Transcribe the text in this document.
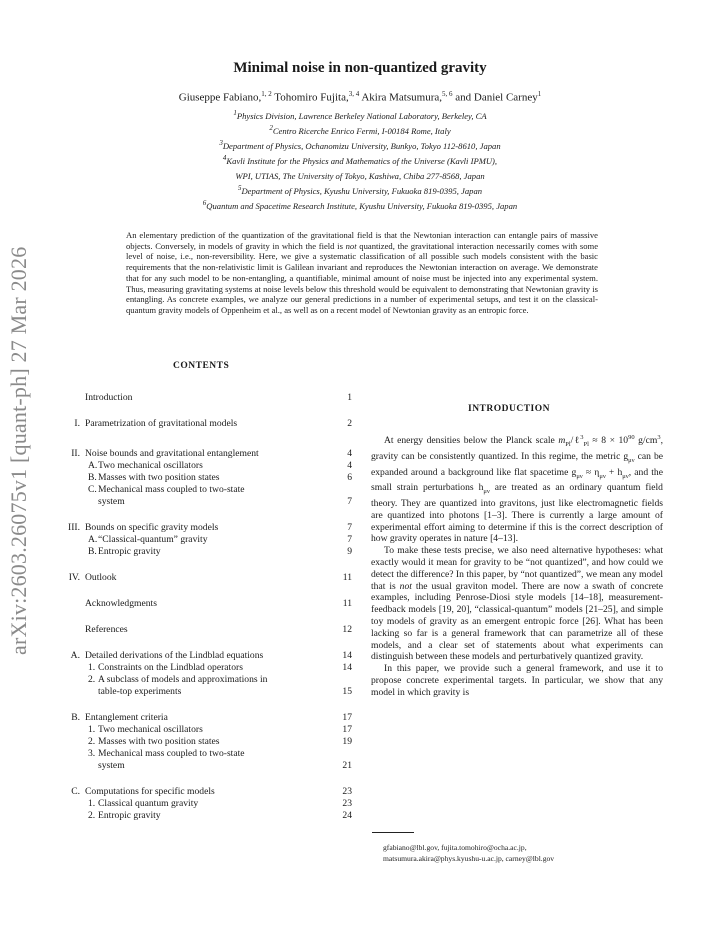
arXiv:2603.26075v1 [quant-ph] 27 Mar 2026
Minimal noise in non-quantized gravity
Giuseppe Fabiano,$^{1, 2}$ Tohomiro Fujita,$^{3, 4}$ Akira Matsumura,$^{5, 6}$ and Daniel Carney$^1$
$^1$Physics Division, Lawrence Berkeley National Laboratory, Berkeley, CA
$^2$Centro Ricerche Enrico Fermi, I-00184 Rome, Italy
$^3$Department of Physics, Ochanomizu University, Bunkyo, Tokyo 112-8610, Japan
$^4$Kavli Institute for the Physics and Mathematics of the Universe (Kavli IPMU),
WPI, UTIAS, The University of Tokyo, Kashiwa, Chiba 277-8568, Japan
$^5$Department of Physics, Kyushu University, Fukuoka 819-0395, Japan
$^6$Quantum and Spacetime Research Institute, Kyushu University, Fukuoka 819-0395, Japan
An elementary prediction of the quantization of the gravitational field is that the Newtonian interaction can entangle pairs of massive objects. Conversely, in models of gravity in which the field is not quantized, the gravitational interaction necessarily comes with some level of noise, i.e., non-reversibility. Here, we give a systematic classification of all possible such models consistent with the basic requirements that the non-relativistic limit is Galilean invariant and reproduces the Newtonian interaction on average. We demonstrate that for any such model to be non-entangling, a quantifiable, minimal amount of noise must be injected into any experimental system. Thus, measuring gravitating systems at noise levels below this threshold would be equivalent to demonstrating that Newtonian gravity is entangling. As concrete examples, we analyze our general predictions in a number of experimental setups, and test it on the classical-quantum gravity models of Oppenheim et al., as well as on a recent model of Newtonian gravity as an entropic force.
CONTENTS
Introduction	1
I. Parametrization of gravitational models	2
II. Noise bounds and gravitational entanglement	4
A. Two mechanical oscillators	4
B. Masses with two position states	6
C. Mechanical mass coupled to two-state
system	7
III. Bounds on specific gravity models	7
A. “Classical-quantum” gravity	7
B. Entropic gravity	9
IV. Outlook	11
Acknowledgments	11
References	12
A. Detailed derivations of the Lindblad equations	14
1. Constraints on the Lindblad operators	14
2. A subclass of models and approximations in
table-top experiments	15
B. Entanglement criteria	17
1. Two mechanical oscillators	17
2. Masses with two position states	19
3. Mechanical mass coupled to two-state
system	21
C. Computations for specific models	23
1. Classical quantum gravity	23
2. Entropic gravity	24
INTRODUCTION

At energy densities below the Planck scale $m_{Pl}/\ell^3_{Pl} \approx 8 \times 10^{90}$ $g/cm^3$, gravity can be consistently quantized. In this regime, the metric $g_{\mu\nu}$ can be expanded around a background like flat spacetime $g_{\mu\nu} \approx \eta_{\mu\nu} + h_{\mu\nu}$, and the small strain perturbations $h_{\mu\nu}$ are treated as an ordinary quantum field theory. They are quantized into gravitons, just like electromagnetic fields are quantized into photons [1–3]. There is currently a large amount of experimental effort aiming to determine if this is the correct description of how gravity operates in nature [4–13].

To make these tests precise, we also need alternative hypotheses: what exactly would it mean for gravity to be “not quantized”, and how could we detect the difference? In this paper, by “not quantized”, we mean any model that is not the usual graviton model. There are now a swath of concrete examples, including Penrose-Diosi style models [14–18], measurement-feedback models [19, 20], “classical-quantum” models [21–25], and simple toy models of gravity as an emergent entropic force [26]. What has been lacking so far is a general framework that can parametrize all of these models, and a clear set of statements about what experiments can distinguish between these models and perturbatively quantized gravity.

In this paper, we provide such a general framework, and use it to propose concrete experimental targets. In particular, we show that any model in which gravity is

gfabiano@lbl.gov, fujita.tomohiro@ocha.ac.jp,
matsumura.akira@phys.kyushu-u.ac.jp, carney@lbl.gov
